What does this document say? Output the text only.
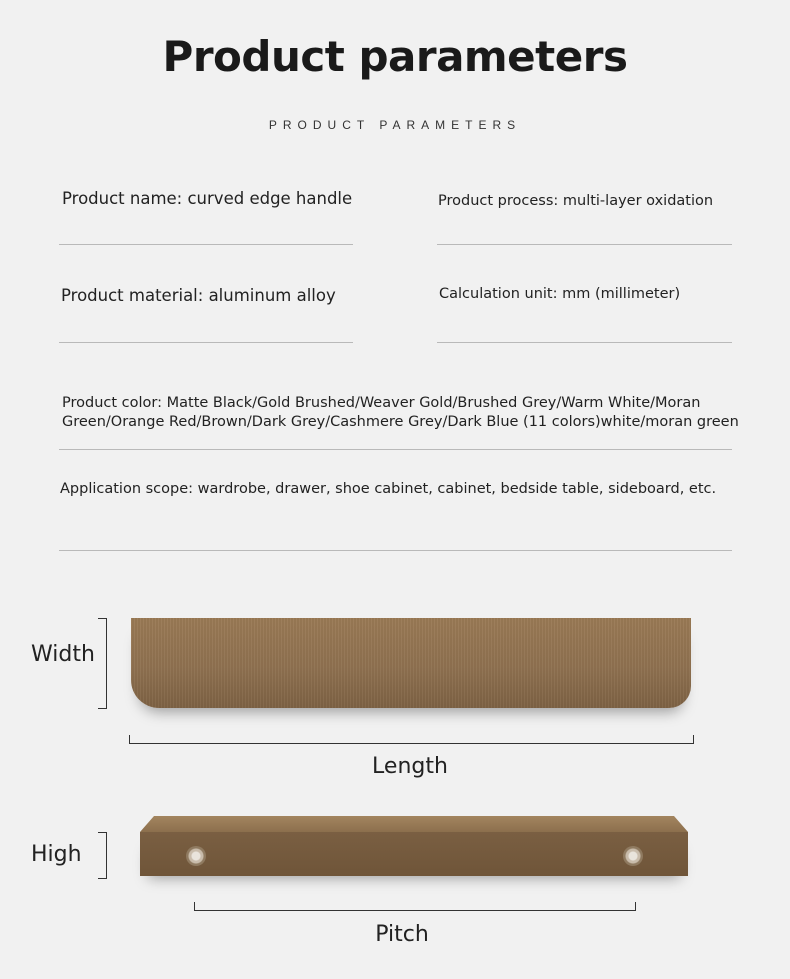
Product parameters
PRODUCT PARAMETERS
Product name: curved edge handle	Product process: multi-layer oxidation
Product material: aluminum alloy	Calculation unit: mm (millimeter)
Product color: Matte Black/Gold Brushed/Weaver Gold/Brushed Grey/Warm White/Moran
Green/Orange Red/Brown/Dark Grey/Cashmere Grey/Dark Blue (11 colors)white/moran green
Application scope: wardrobe, drawer, shoe cabinet, cabinet, bedside table, sideboard, etc.
Width
Length
High
Pitch
